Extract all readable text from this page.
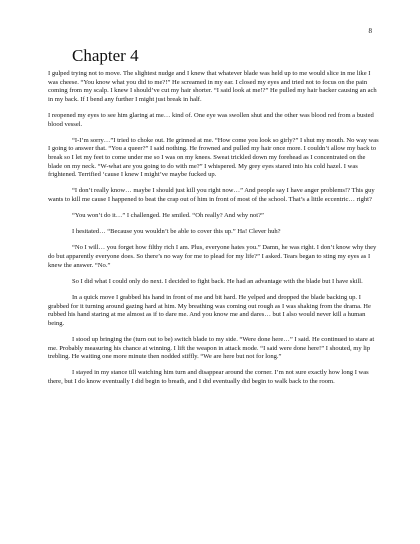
8
Chapter 4

I gulped trying not to move. The slightest nudge and I knew that whatever blade was held up to me would slice in me like I was cheese. “You know what you did to me?!” He screamed in my ear. I closed my eyes and tried not to focus on the pain coming from my scalp. I knew I should’ve cut my hair shorter. “I said look at me!?” He pulled my hair backer causing an ach in my back. If I bend any further I might just break in half.

I reopened my eyes to see him glaring at me… kind of. One eye was swollen shut and the other was blood red from a busted blood vessel.

“I-I’m sorry…”I tried to choke out. He grinned at me. “How come you look so girly?” I shut my mouth. No way was I going to answer that. “You a queer?” I said nothing. He frowned and pulled my hair once more. I couldn’t allow my back to break so I let my feet to come under me so I was on my knees. Sweat trickled down my forehead as I concentrated on the blade on my neck. “W-what are you going to do with me?” I whispered. My grey eyes stared into his cold hazel. I was frightened. Terrified ‘cause I knew I might’ve maybe fucked up.

“I don’t really know… maybe I should just kill you right now…” And people say I have anger problems!? This guy wants to kill me cause I happened to beat the crap out of him in front of most of the school. That’s a little eccentric… right?

“You won’t do it…” I challenged. He smiled. “Oh really? And why not?”

I hesitated… “Because you wouldn’t be able to cover this up.” Ha! Clever huh?

“No I will… you forget how filthy rich I am. Plus, everyone hates you.” Damn, he was right. I don’t know why they do but apparently everyone does. So there’s no way for me to plead for my life?” I asked. Tears began to sting my eyes as I knew the answer. “No.”

So I did what I could only do next. I decided to fight back. He had an advantage with the blade but I have skill.

In a quick move I grabbed his hand in front of me and bit hard. He yelped and dropped the blade backing up. I grabbed for it turning around gazing hard at him. My breathing was coming out rough as I was shaking from the drama. He rubbed his hand staring at me almost as if to dare me. And you know me and dares… but I also would never kill a human being.

I stood up bringing the (turn out to be) switch blade to my side. “Were done here…” I said. He continued to stare at me. Probably measuring his chance at winning. I lift the weapon in attack mode. “I said were done here!” I shouted, my lip trebling. He waiting one more minute then nodded stiffly. “We are here but not for long.”

I stayed in my stance till watching him turn and disappear around the corner. I’m not sure exactly how long I was there, but I do know eventually I did begin to breath, and I did eventually did begin to walk back to the room.
